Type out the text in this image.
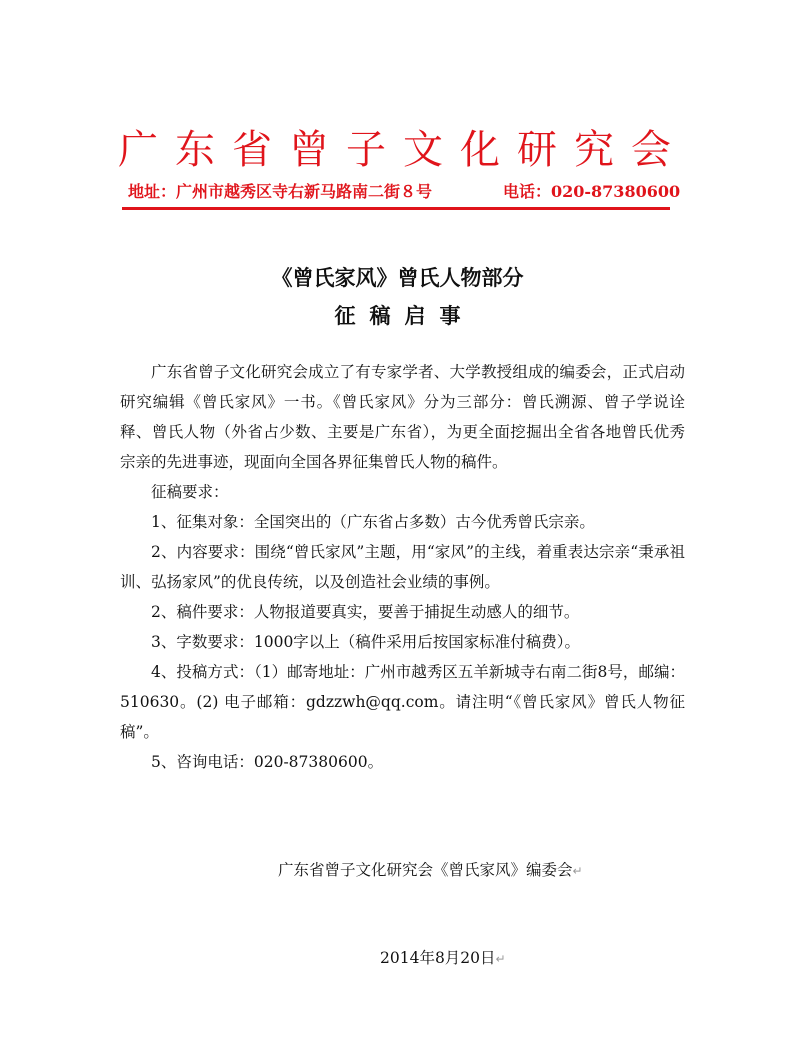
广东省曾子文化研究会
地址：广州市越秀区寺右新马路南二街８号	电话：020-87380600
《曾氏家风》曾氏人物部分
征稿启事

广东省曾子文化研究会成立了有专家学者、大学教授组成的编委会，正式启动研究编辑《曾氏家风》一书。《曾氏家风》分为三部分：曾氏溯源、曾子学说诠释、曾氏人物（外省占少数、主要是广东省），为更全面挖掘出全省各地曾氏优秀宗亲的先进事迹，现面向全国各界征集曾氏人物的稿件。

征稿要求：

1、征集对象：全国突出的（广东省占多数）古今优秀曾氏宗亲。

2、内容要求：围绕“曾氏家风”主题，用“家风”的主线，着重表达宗亲“秉承祖训、弘扬家风”的优良传统，以及创造社会业绩的事例。

2、稿件要求：人物报道要真实，要善于捕捉生动感人的细节。

3、字数要求：1000字以上（稿件采用后按国家标准付稿费）。

4、投稿方式：（1）邮寄地址：广州市越秀区五羊新城寺右南二街8号，邮编：510630。(2) 电子邮箱：gdzzwh@qq.com。请注明“《曾氏家风》曾氏人物征稿”。

5、咨询电话：020-87380600。

广东省曾子文化研究会《曾氏家风》编委会↵
2014年8月20日↵
